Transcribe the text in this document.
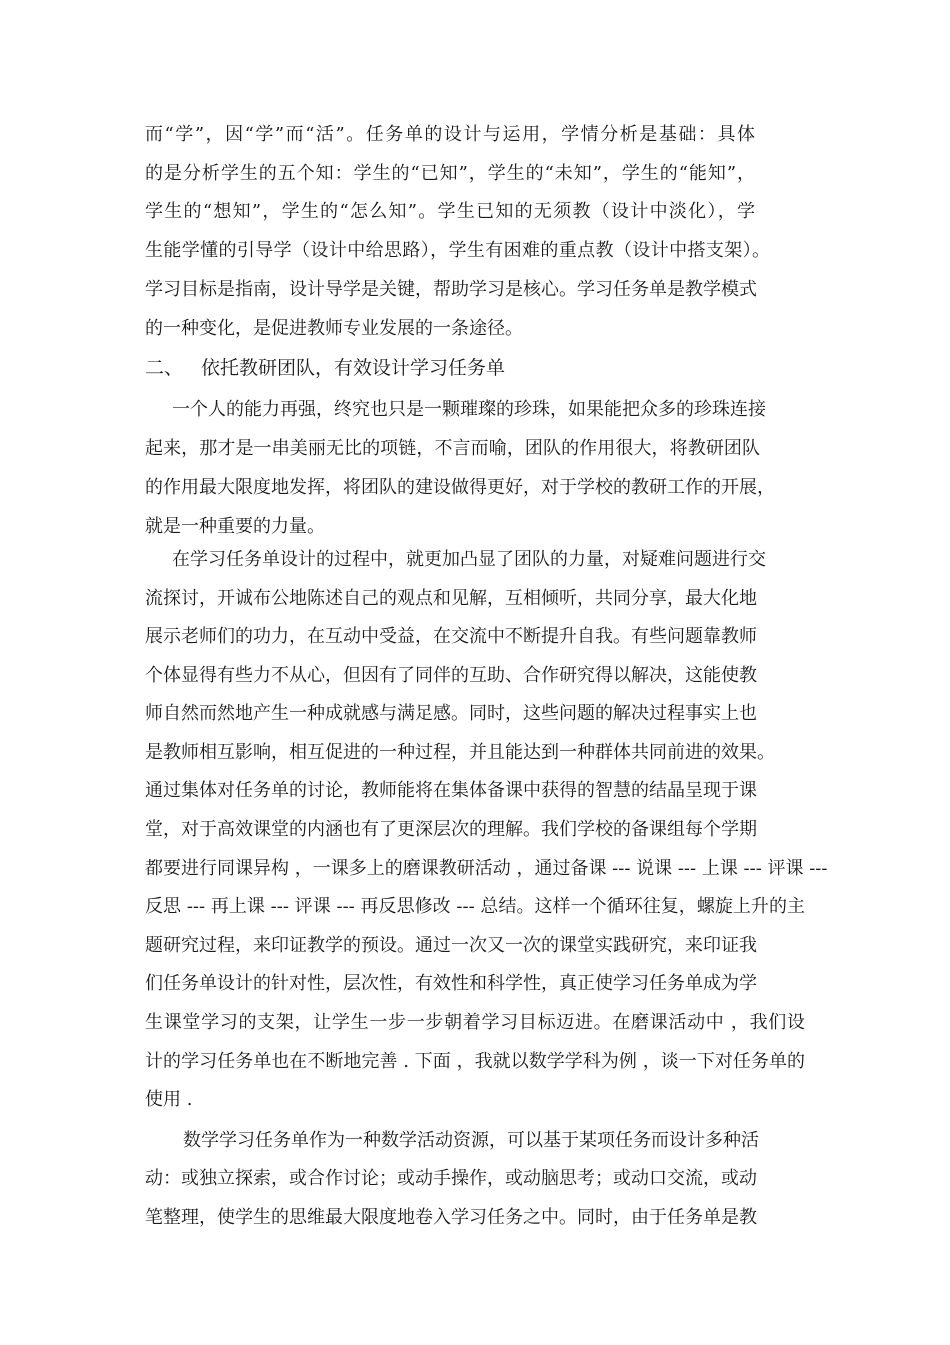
而“学”，因“学”而“活”。任务单的设计与运用，学情分析是基础：具体
的是分析学生的五个知：学生的“已知”，学生的“未知”，学生的“能知”，
学生的“想知”，学生的“怎么知”。学生已知的无须教（设计中淡化），学
生能学懂的引导学（设计中给思路），学生有困难的重点教（设计中搭支架）。
学习目标是指南，设计导学是关键，帮助学习是核心。学习任务单是教学模式
的一种变化，是促进教师专业发展的一条途径。
二、 依托教研团队，有效设计学习任务单
一个人的能力再强，终究也只是一颗璀璨的珍珠，如果能把众多的珍珠连接
起来，那才是一串美丽无比的项链，不言而喻，团队的作用很大，将教研团队
的作用最大限度地发挥，将团队的建设做得更好，对于学校的教研工作的开展，
就是一种重要的力量。
在学习任务单设计的过程中，就更加凸显了团队的力量，对疑难问题进行交
流探讨，开诚布公地陈述自己的观点和见解，互相倾听，共同分享，最大化地
展示老师们的功力，在互动中受益，在交流中不断提升自我。有些问题靠教师
个体显得有些力不从心，但因有了同伴的互助、合作研究得以解决，这能使教
师自然而然地产生一种成就感与满足感。同时，这些问题的解决过程事实上也
是教师相互影响，相互促进的一种过程，并且能达到一种群体共同前进的效果。
通过集体对任务单的讨论，教师能将在集体备课中获得的智慧的结晶呈现于课
堂，对于高效课堂的内涵也有了更深层次的理解。我们学校的备课组每个学期
都要进行同课异构 ，一课多上的磨课教研活动 ，通过备课 --- 说课 --- 上课 --- 评课 ---
反思 --- 再上课 --- 评课 --- 再反思修改 --- 总结。这样一个循环往复，螺旋上升的主
题研究过程，来印证教学的预设。通过一次又一次的课堂实践研究，来印证我
们任务单设计的针对性，层次性，有效性和科学性，真正使学习任务单成为学
生课堂学习的支架，让学生一步一步朝着学习目标迈进。在磨课活动中 ，我们设
计的学习任务单也在不断地完善 . 下面 ，我就以数学学科为例 ，谈一下对任务单的
使用 .
数学学习任务单作为一种数学活动资源，可以基于某项任务而设计多种活
动：或独立探索，或合作讨论；或动手操作，或动脑思考；或动口交流，或动
笔整理，使学生的思维最大限度地卷入学习任务之中。同时，由于任务单是教
